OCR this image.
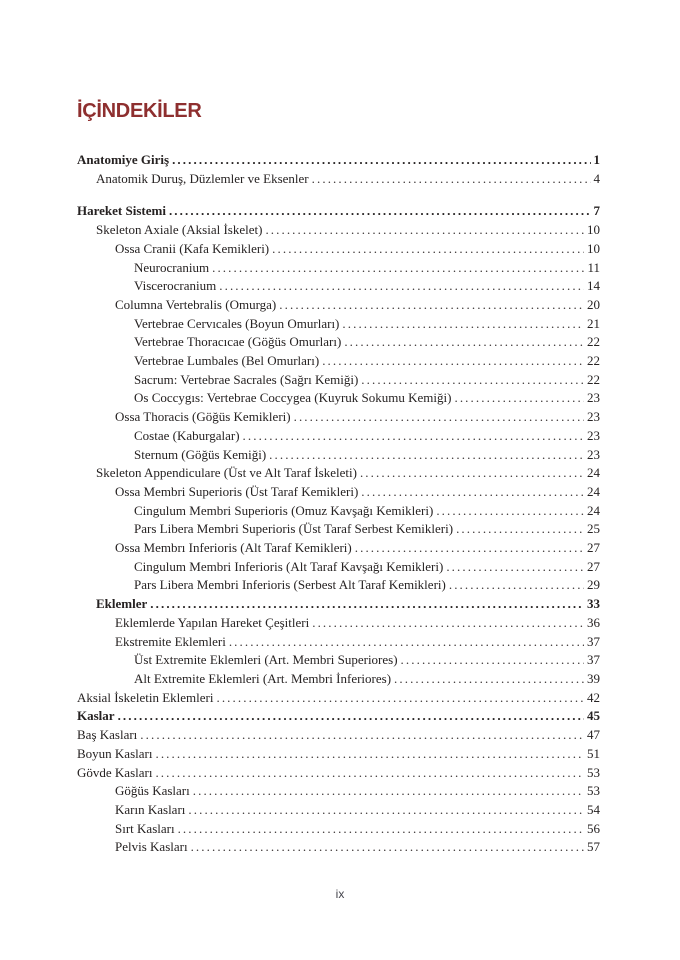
İÇİNDEKİLER
Anatomiye Giriş .....	1
Anatomik Duruş, Düzlemler ve Eksenler .....	4
Hareket Sistemi .....	7
Skeleton Axiale (Aksial İskelet) .....	10
Ossa Cranii (Kafa Kemikleri) .....	10
Neurocranium .....	11
Viscerocranium .....	14
Columna Vertebralis (Omurga) .....	20
Vertebrae Cervıcales (Boyun Omurları) .....	21
Vertebrae Thoracıcae (Göğüs Omurları) .....	22
Vertebrae Lumbales (Bel Omurları) .....	22
Sacrum: Vertebrae Sacrales (Sağrı Kemiği) .....	22
Os Coccygıs: Vertebrae Coccygea (Kuyruk Sokumu Kemiği) .....	23
Ossa Thoracis (Göğüs Kemikleri) .....	23
Costae (Kaburgalar) .....	23
Sternum (Göğüs Kemiği) .....	23
Skeleton Appendiculare (Üst ve Alt Taraf İskeleti) .....	24
Ossa Membri Superioris (Üst Taraf Kemikleri) .....	24
Cingulum Membri Superioris (Omuz Kavşağı Kemikleri) .....	24
Pars Libera Membri Superioris (Üst Taraf Serbest Kemikleri) .....	25
Ossa Membrı Inferioris (Alt Taraf Kemikleri) .....	27
Cingulum Membri Inferioris (Alt Taraf Kavşağı Kemikleri) .....	27
Pars Libera Membri Inferioris (Serbest Alt Taraf Kemikleri) .....	29
Eklemler .....	33
Eklemlerde Yapılan Hareket Çeşitleri .....	36
Ekstremite Eklemleri .....	37
Üst Extremite Eklemleri (Art. Membri Superiores) .....	37
Alt Extremite Eklemleri (Art. Membri İnferiores) .....	39
Aksial İskeletin Eklemleri .....	42
Kaslar .....	45
Baş Kasları .....	47
Boyun Kasları .....	51
Gövde Kasları .....	53
Göğüs Kasları .....	53
Karın Kasları .....	54
Sırt Kasları .....	56
Pelvis Kasları .....	57
ix
